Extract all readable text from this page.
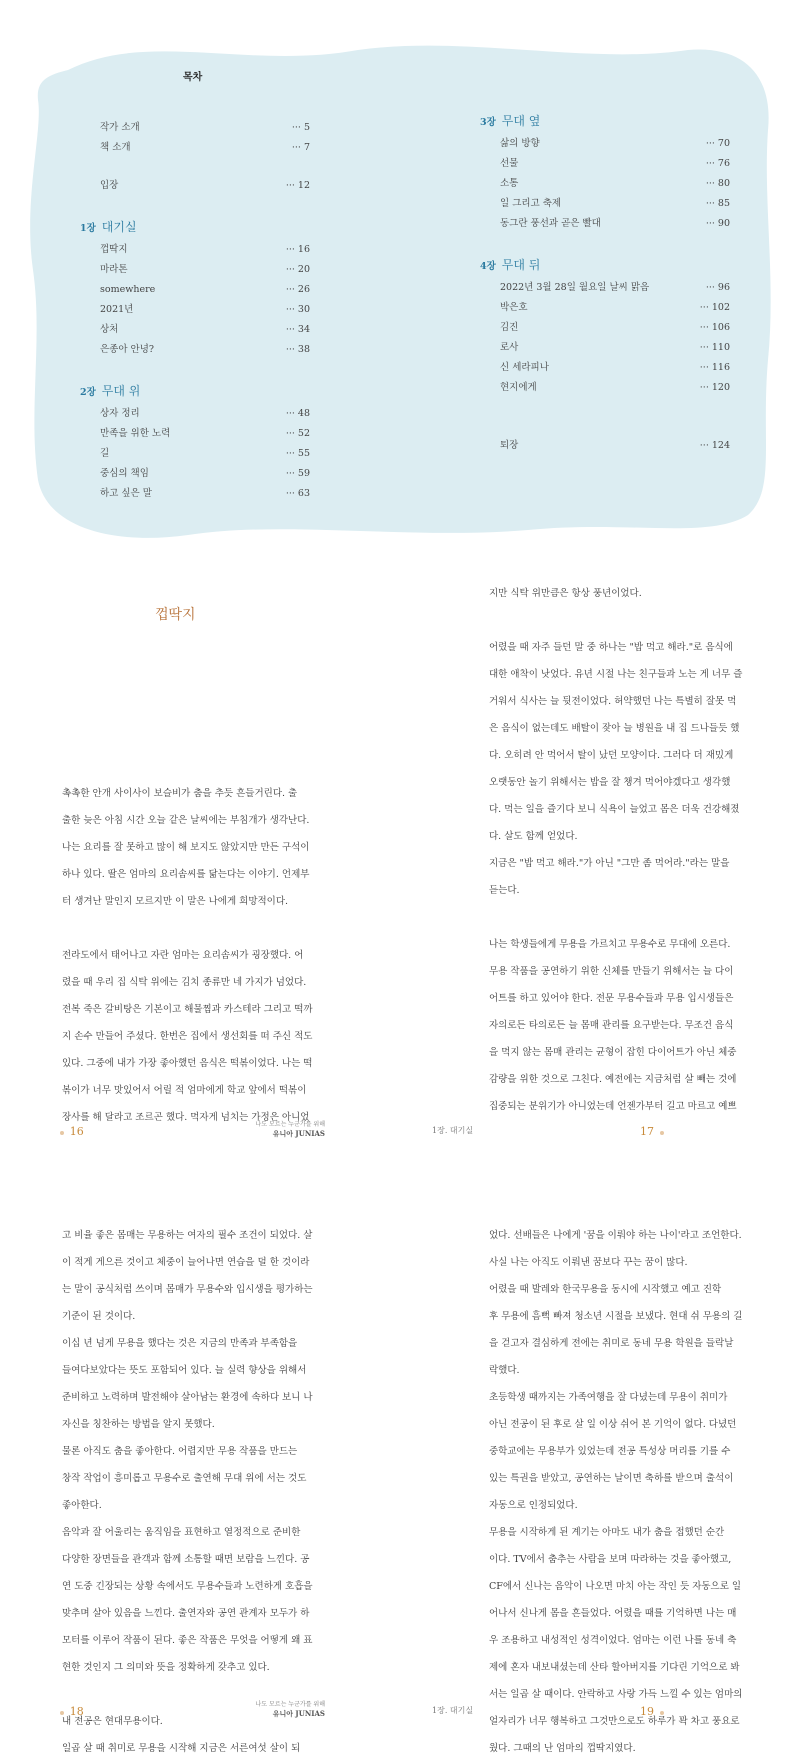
목차
작가 소개	··· 5
책 소개	··· 7
입장	··· 12
1장 대기실
껍딱지	··· 16
마라톤	··· 20
somewhere	··· 26
2021년	··· 30
상처	··· 34
은종아 안녕?	··· 38
2장 무대 위
상자 정리	··· 48
만족을 위한 노력	··· 52
길	··· 55
중심의 책임	··· 59
하고 싶은 말	··· 63
3장 무대 옆
삶의 방향	··· 70
선물	··· 76
소통	··· 80
일 그리고 축제	··· 85
동그란 풍선과 곧은 빨대	··· 90
4장 무대 뒤
2022년 3월 28일 월요일 날씨 맑음	··· 96
박은호	··· 102
김진	··· 106
로사	··· 110
신 세라피나	··· 116
현지에게	··· 120
퇴장	··· 124
껍딱지
촉촉한 안개 사이사이 보슬비가 춤을 추듯 흔들거린다. 출
출한 늦은 아침 시간 오늘 같은 날씨에는 부침개가 생각난다.
나는 요리를 잘 못하고 많이 해 보지도 않았지만 만든 구석이
하나 있다. 딸은 엄마의 요리솜씨를 닮는다는 이야기. 언제부
터 생겨난 말인지 모르지만 이 말은 나에게 희망적이다.
전라도에서 태어나고 자란 엄마는 요리솜씨가 굉장했다. 어
렸을 때 우리 집 식탁 위에는 김치 종류만 네 가지가 넘었다.
전복 죽은 갈비탕은 기본이고 해물찜과 카스테라 그리고 떡까
지 손수 만들어 주셨다. 한번은 집에서 생선회를 떠 주신 적도
있다. 그중에 내가 가장 좋아했던 음식은 떡볶이었다. 나는 떡
볶이가 너무 맛있어서 어릴 적 엄마에게 학교 앞에서 떡볶이
장사를 해 달라고 조르곤 했다. 먹자게 넘치는 가정은 아니었
16
나도 모르는 누군가를 위해
유니아 JUNIAS
지만 식탁 위만큼은 항상 풍년이었다.
어렸을 때 자주 들던 말 중 하나는 "밥 먹고 해라."로 음식에
대한 애착이 낫었다. 유년 시절 나는 친구들과 노는 게 너무 즐
거워서 식사는 늘 뒷전이었다. 허약했던 나는 특별히 잘못 먹
은 음식이 없는데도 배탈이 잦아 늘 병원을 내 집 드나들듯 했
다. 오히려 안 먹어서 탈이 났던 모양이다. 그러다 더 재밌게
오랫동안 놀기 위해서는 밥을 잘 챙겨 먹어야겠다고 생각했
다. 먹는 일을 즐기다 보니 식욕이 늘었고 몸은 더욱 건강해졌
다. 살도 함께 얻었다.
지금은 "밥 먹고 해라."가 아닌 "그만 좀 먹어라."라는 말을
듣는다.
나는 학생들에게 무용을 가르치고 무용수로 무대에 오른다.
무용 작품을 공연하기 위한 신체를 만들기 위해서는 늘 다이
어트를 하고 있어야 한다. 전문 무용수들과 무용 입시생들은
자의로든 타의로든 늘 몸매 관리를 요구받는다. 무조건 음식
을 먹지 않는 몸매 관리는 균형이 잡힌 다이어트가 아닌 체중
감량을 위한 것으로 그친다. 예전에는 지금처럼 살 빼는 것에
집중되는 분위기가 아니었는데 언젠가부터 길고 마르고 예쁘
1장. 대기실	17
고 비율 좋은 몸매는 무용하는 여자의 필수 조건이 되었다. 살
이 적게 게으른 것이고 체중이 늘어나면 연습을 덜 한 것이라
는 말이 공식처럼 쓰이며 몸매가 무용수와 입시생을 평가하는
기준이 된 것이다.
이십 년 넘게 무용을 했다는 것은 지금의 만족과 부족함을
들여다보았다는 뜻도 포함되어 있다. 늘 실력 향상을 위해서
준비하고 노력하며 발전해야 살아남는 환경에 속하다 보니 나
자신을 칭찬하는 방법을 알지 못했다.
물론 아직도 춤을 좋아한다. 어렵지만 무용 작품을 만드는
창작 작업이 흥미롭고 무용수로 출연해 무대 위에 서는 것도
좋아한다.
음악과 잘 어울리는 움직임을 표현하고 열정적으로 준비한
다양한 장면들을 관객과 함께 소통할 때면 보람을 느낀다. 공
연 도중 긴장되는 상황 속에서도 무용수들과 노련하게 호흡을
맞추며 살아 있음을 느낀다. 출연자와 공연 관계자 모두가 하
모터를 이루어 작품이 된다. 좋은 작품은 무엇을 어떻게 왜 표
현한 것인지 그 의미와 뜻을 정확하게 갖추고 있다.
내 전공은 현대무용이다.
일곱 살 때 취미로 무용을 시작해 지금은 서른여섯 살이 되
18
나도 모르는 누군가를 위해
유니아 JUNIAS
었다. 선배들은 나에게 '꿈을 이뤄야 하는 나이'라고 조언한다.
사실 나는 아직도 이뤄낸 꿈보다 꾸는 꿈이 많다.
어렸을 때 발레와 한국무용을 동시에 시작했고 예고 진학
후 무용에 흠뻑 빠져 청소년 시절을 보냈다. 현대 쉬 무용의 길
을 걷고자 결심하게 전에는 취미로 동네 무용 학원을 들락날
락했다.
초등학생 때까지는 가족여행을 잘 다녔는데 무용이 취미가
아닌 전공이 된 후로 살 일 이상 쉬어 본 기억이 없다. 다녔던
중학교에는 무용부가 있었는데 전공 특성상 머리를 기를 수
있는 특권을 받았고, 공연하는 날이면 축하를 받으며 출석이
자동으로 인정되었다.
무용을 시작하게 된 계기는 아마도 내가 춤을 접했던 순간
이다. TV에서 춤추는 사람을 보며 따라하는 것을 좋아했고,
CF에서 신나는 음악이 나오면 마치 아는 작인 듯 자동으로 일
어나서 신나게 몸을 흔들었다. 어렸을 때를 기억하면 나는 매
우 조용하고 내성적인 성격이었다. 엄마는 이런 나를 동네 축
제에 혼자 내보내셨는데 산타 할아버지를 기다린 기억으로 봐
서는 일곱 살 때이다. 안락하고 사랑 가득 느낄 수 있는 엄마의
얼자리가 너무 행복하고 그것만으로도 하루가 꽉 차고 풍요로
웠다. 그때의 난 엄마의 껍딱지였다.
1장. 대기실	19
